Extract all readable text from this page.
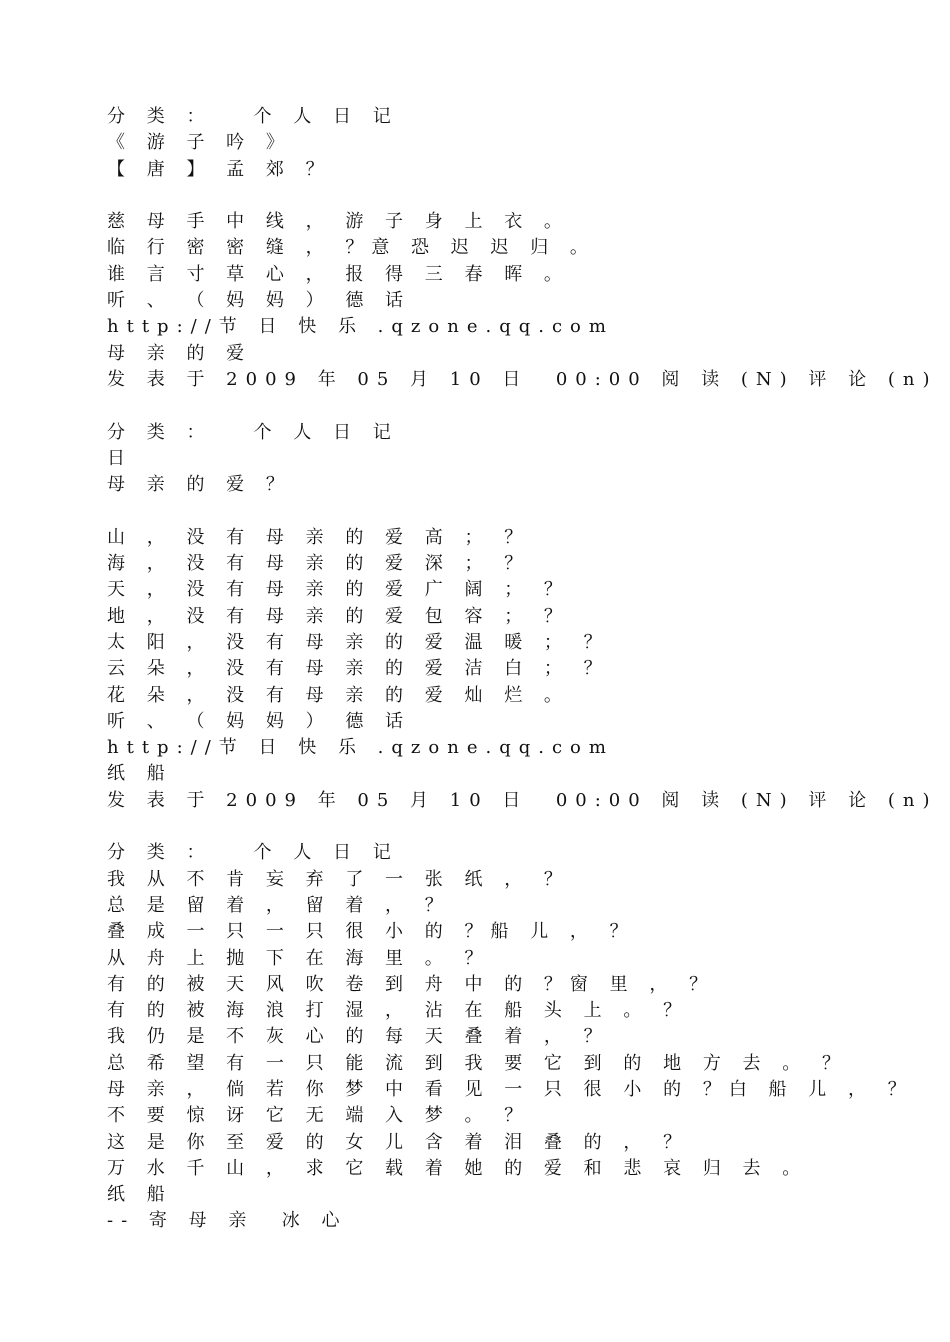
分 类 ：   个 人 日 记
《 游 子 吟 》
【 唐 】 孟 郊 ？
慈 母 手 中 线 ， 游 子 身 上 衣 。
临 行 密 密 缝 ， ？意 恐 迟 迟 归 。
谁 言 寸 草 心 ， 报 得 三 春 晖 。
听 、 （ 妈 妈 ） 德 话
http://节 日 快 乐 .qzone.qq.com
母 亲 的 爱
发 表 于 2009 年 05 月 10 日  00:00 阅 读 (N) 评 论 (n)
分 类 ：   个 人 日 记
日
母 亲 的 爱 ？
山 ， 没 有 母 亲 的 爱 高 ； ？
海 ， 没 有 母 亲 的 爱 深 ； ？
天 ， 没 有 母 亲 的 爱 广 阔 ； ？
地 ， 没 有 母 亲 的 爱 包 容 ； ？
太 阳 ， 没 有 母 亲 的 爱 温 暖 ； ？
云 朵 ， 没 有 母 亲 的 爱 洁 白 ； ？
花 朵 ， 没 有 母 亲 的 爱 灿 烂 。
听 、 （ 妈 妈 ） 德 话
http://节 日 快 乐 .qzone.qq.com
纸 船
发 表 于 2009 年 05 月 10 日  00:00 阅 读 (N) 评 论 (n)
分 类 ：   个 人 日 记
我 从 不 肯 妄 弃 了 一 张 纸 ， ？
总 是 留 着 ， 留 着 ， ？
叠 成 一 只 一 只 很 小 的 ？船 儿 ， ？
从 舟 上 抛 下 在 海 里 。 ？
有 的 被 天 风 吹 卷 到 舟 中 的 ？窗 里 ， ？
有 的 被 海 浪 打 湿 ， 沾 在 船 头 上 。 ？
我 仍 是 不 灰 心 的 每 天 叠 着 ， ？
总 希 望 有 一 只 能 流 到 我 要 它 到 的 地 方 去 。 ？
母 亲 ， 倘 若 你 梦 中 看 见 一 只 很 小 的 ？白 船 儿 ， ？
不 要 惊 讶 它 无 端 入 梦 。 ？
这 是 你 至 爱 的 女 儿 含 着 泪 叠 的 ， ？
万 水 千 山 ， 求 它 载 着 她 的 爱 和 悲 哀 归 去 。
纸 船
-- 寄 母 亲  冰 心
